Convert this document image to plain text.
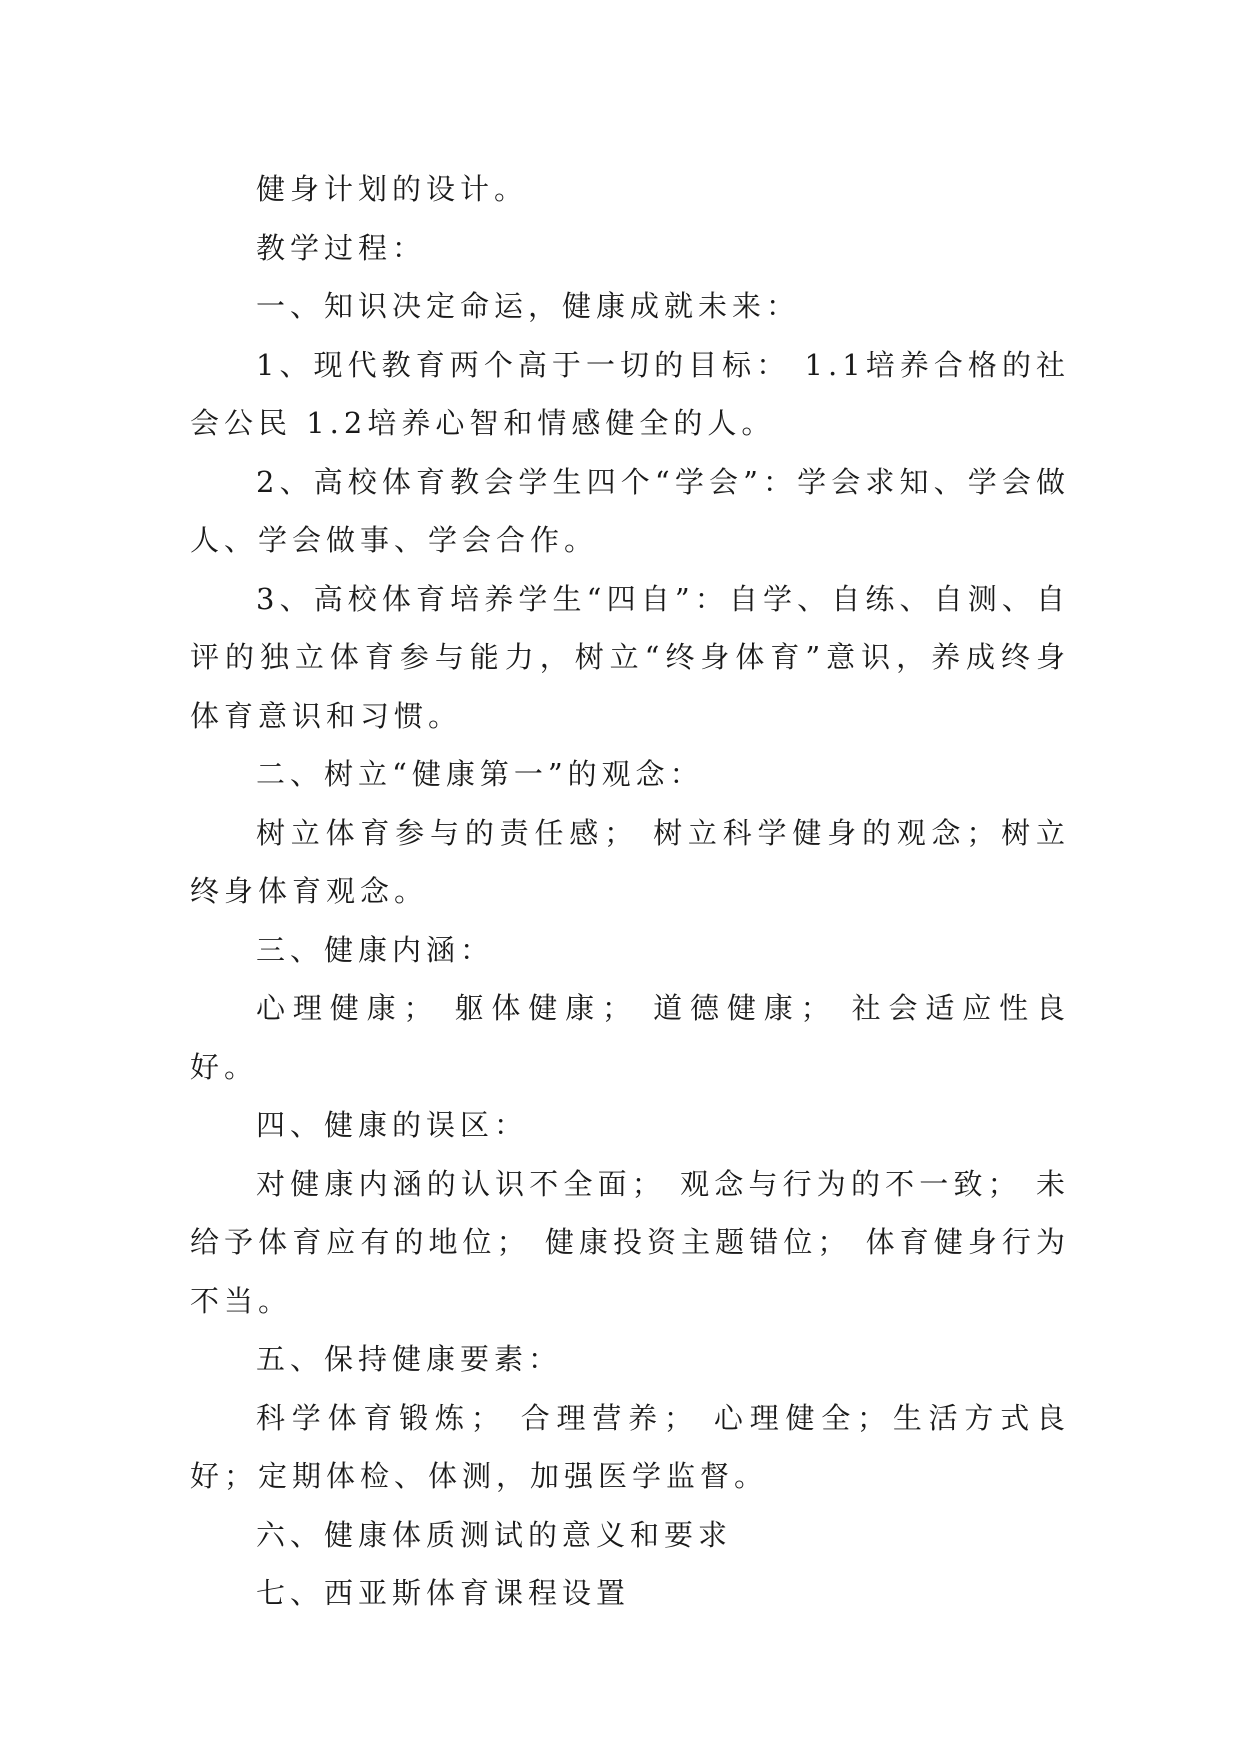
健身计划的设计。

教学过程：

一、知识决定命运，健康成就未来：

1、现代教育两个高于一切的目标： 1.1培养合格的社会公民 1.2培养心智和情感健全的人。

2、高校体育教会学生四个“学会”：学会求知、学会做人、学会做事、学会合作。

3、高校体育培养学生“四自”：自学、自练、自测、自评的独立体育参与能力，树立“终身体育”意识，养成终身体育意识和习惯。

二、树立“健康第一”的观念：

树立体育参与的责任感； 树立科学健身的观念；树立终身体育观念。

三、健康内涵：

心理健康； 躯体健康； 道德健康； 社会适应性良好。

四、健康的误区：

对健康内涵的认识不全面； 观念与行为的不一致； 未给予体育应有的地位； 健康投资主题错位； 体育健身行为不当。

五、保持健康要素：

科学体育锻炼； 合理营养； 心理健全；生活方式良好；定期体检、体测，加强医学监督。

六、健康体质测试的意义和要求

七、西亚斯体育课程设置
